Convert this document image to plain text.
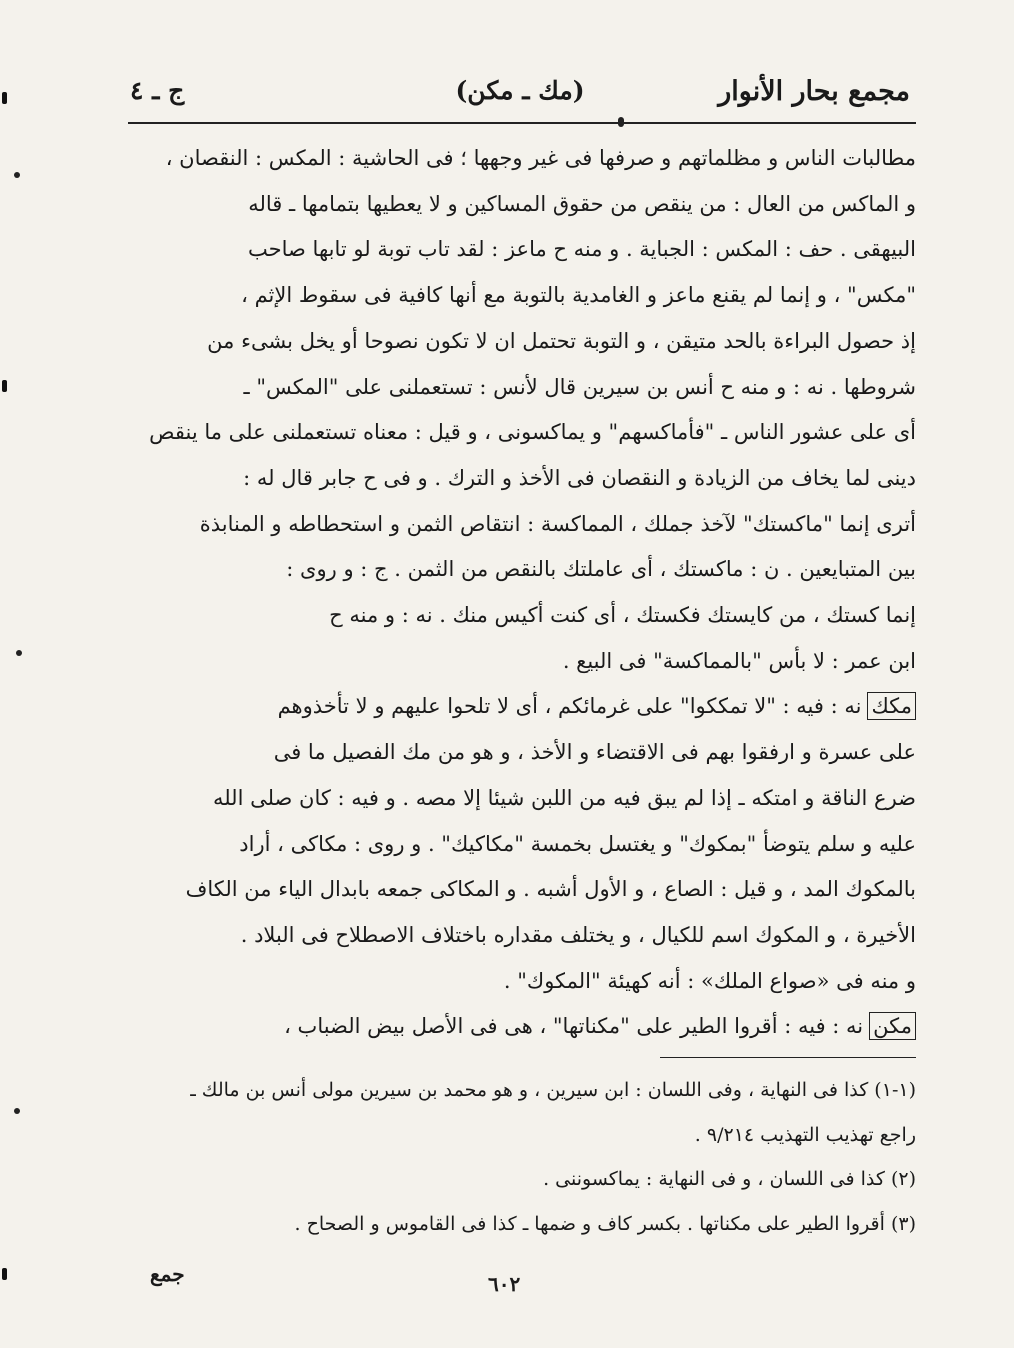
مجمع بحار الأنوار
(مك ـ مكن)
ج ـ ٤

مطالبات الناس و مظلماتهم و صرفها فى غير وجهها ؛ فى الحاشية : المكس : النقصان ،

و الماكس من العال : من ينقص من حقوق المساكين و لا يعطيها بتمامها ـ قاله

البيهقى . حف : المكس : الجباية . و منه ح ماعز : لقد تاب توبة لو تابها صاحب

"مكس" ، و إنما لم يقنع ماعز و الغامدية بالتوبة مع أنها كافية فى سقوط الإثم ،

إذ حصول البراءة بالحد متيقن ، و التوبة تحتمل ان لا تكون نصوحا أو يخل بشىء من

شروطها . نه : و منه ح أنس بن سيرين قال لأنس : تستعملنى على "المكس" ـ

أى على عشور الناس ـ "فأماكسهم" و يماكسونى ، و قيل : معناه تستعملنى على ما ينقص

دينى لما يخاف من الزيادة و النقصان فى الأخذ و الترك . و فى ح جابر قال له :

أترى إنما "ماكستك" لآخذ جملك ، المماكسة : انتقاص الثمن و استحطاطه و المنابذة

بين المتبايعين . ن : ماكستك ، أى عاملتك بالنقص من الثمن . ج : و روى :

إنما كستك ، من كايستك فكستك ، أى كنت أكيس منك . نه : و منه ح

ابن عمر : لا بأس "بالمماكسة" فى البيع .

مككنه : فيه : "لا تمككوا" على غرمائكم ، أى لا تلحوا عليهم و لا تأخذوهم

على عسرة و ارفقوا بهم فى الاقتضاء و الأخذ ، و هو من مك الفصيل ما فى

ضرع الناقة و امتكه ـ إذا لم يبق فيه من اللبن شيئا إلا مصه . و فيه : كان صلى الله

عليه و سلم يتوضأ "بمكوك" و يغتسل بخمسة "مكاكيك" . و روى : مكاكى ، أراد

بالمكوك المد ، و قيل : الصاع ، و الأول أشبه . و المكاكى جمعه بابدال الياء من الكاف

الأخيرة ، و المكوك اسم للكيال ، و يختلف مقداره باختلاف الاصطلاح فى البلاد .

و منه فى «صواع الملك» : أنه كهيئة "المكوك" .

مكننه : فيه : أقروا الطير على "مكناتها" ، هى فى الأصل بيض الضباب ،

(١-١) كذا فى النهاية ، وفى اللسان : ابن سيرين ، و هو محمد بن سيرين مولى أنس بن مالك ـ

راجع تهذيب التهذيب ٩/٢١٤ .

(٢) كذا فى اللسان ، و فى النهاية : يماكسوننى .

(٣) أقروا الطير على مكناتها . بكسر كاف و ضمها ـ كذا فى القاموس و الصحاح .

جمع	٦٠٢
